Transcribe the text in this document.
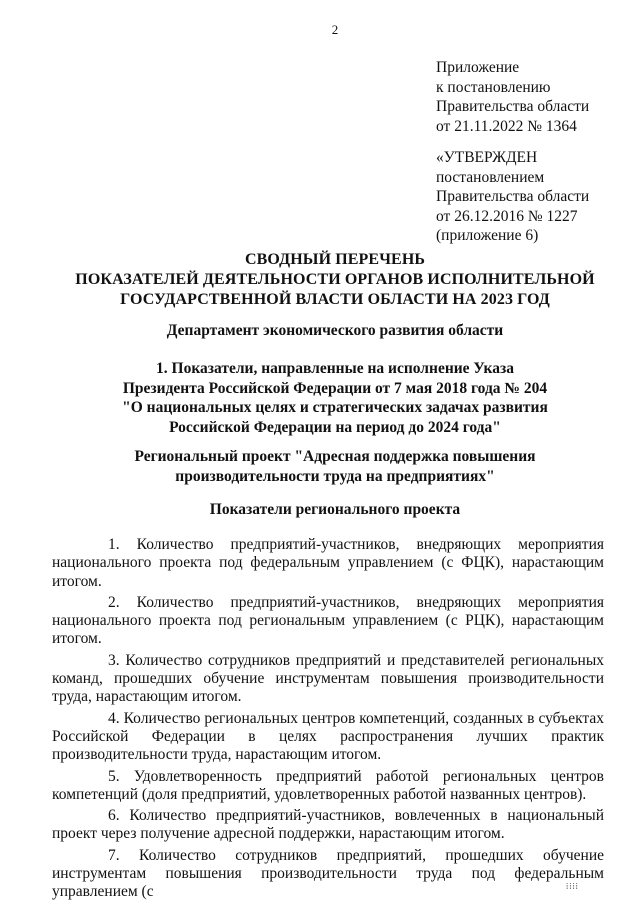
2
Приложение
к постановлению
Правительства области
от 21.11.2022 № 1364
«УТВЕРЖДЕН
постановлением
Правительства области
от 26.12.2016 № 1227
(приложение 6)
СВОДНЫЙ ПЕРЕЧЕНЬ
ПОКАЗАТЕЛЕЙ ДЕЯТЕЛЬНОСТИ ОРГАНОВ ИСПОЛНИТЕЛЬНОЙ
ГОСУДАРСТВЕННОЙ ВЛАСТИ ОБЛАСТИ НА 2023 ГОД
Департамент экономического развития области
1. Показатели, направленные на исполнение Указа
Президента Российской Федерации от 7 мая 2018 года № 204
"О национальных целях и стратегических задачах развития
Российской Федерации на период до 2024 года"
Региональный проект "Адресная поддержка повышения
производительности труда на предприятиях"
Показатели регионального проекта

1. Количество предприятий-участников, внедряющих мероприятия национального проекта под федеральным управлением (с ФЦК), нарастающим итогом.

2. Количество предприятий-участников, внедряющих мероприятия национального проекта под региональным управлением (с РЦК), нарастающим итогом.

3. Количество сотрудников предприятий и представителей региональных команд, прошедших обучение инструментам повышения производительности труда, нарастающим итогом.

4. Количество региональных центров компетенций, созданных в субъектах Российской Федерации в целях распространения лучших практик производительности труда, нарастающим итогом.

5. Удовлетворенность предприятий работой региональных центров компетенций (доля предприятий, удовлетворенных работой названных центров).

6. Количество предприятий-участников, вовлеченных в национальный проект через получение адресной поддержки, нарастающим итогом.

7. Количество сотрудников предприятий, прошедших обучение инструментам повышения производительности труда под федеральным управлением (с	⁞⁞⁞⁞
